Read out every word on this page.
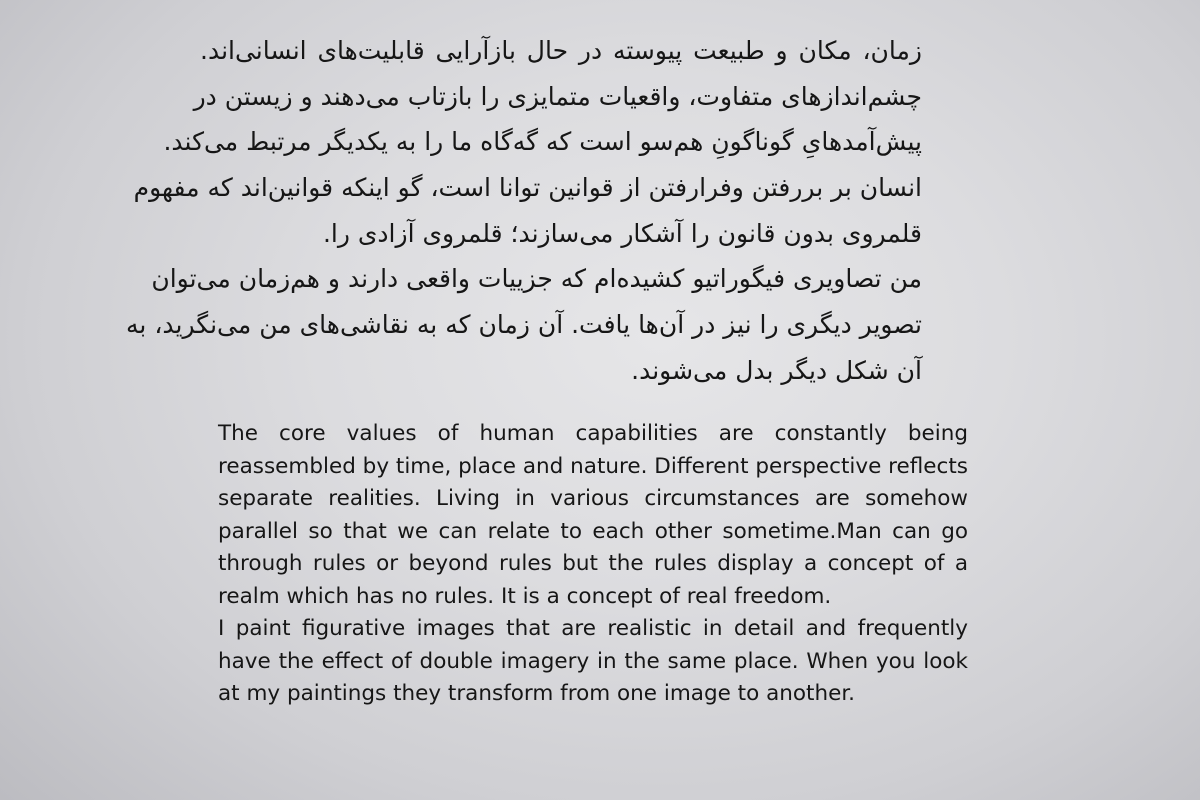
زمان، مکان و طبیعت پیوسته در حال بازآرایی قابلیت‌های انسانی‌اند.
چشم‌اندازهای متفاوت، واقعیات متمایزی را بازتاب می‌دهند و زیستن در
پیش‌آمدهایِ گوناگونِ هم‌سو است که گه‌گاه ما را به یکدیگر مرتبط می‌کند.
انسان بر بررفتن وفرارفتن از قوانین توانا است، گو اینکه قوانین‌اند که مفهوم
قلمروی بدون قانون را آشکار می‌سازند؛ قلمروی آزادی را.
من تصاویری فیگوراتیو کشیده‌ام که جزییات واقعی دارند و هم‌زمان می‌توان
تصویر دیگری را نیز در آن‌ها یافت. آن زمان که به نقاشی‌های من می‌نگرید، به
آن شکل دیگر بدل می‌شوند.
The core values of human capabilities are constantly being
reassembled by time, place and nature. Different perspective reflects
separate realities. Living in various circumstances are somehow
parallel so that we can relate to each other sometime.Man can go
through rules or beyond rules but the rules display a concept of a
realm which has no rules. It is a concept of real freedom.
I paint figurative images that are realistic in detail and frequently
have the effect of double imagery in the same place. When you look
at my paintings they transform from one image to another.
